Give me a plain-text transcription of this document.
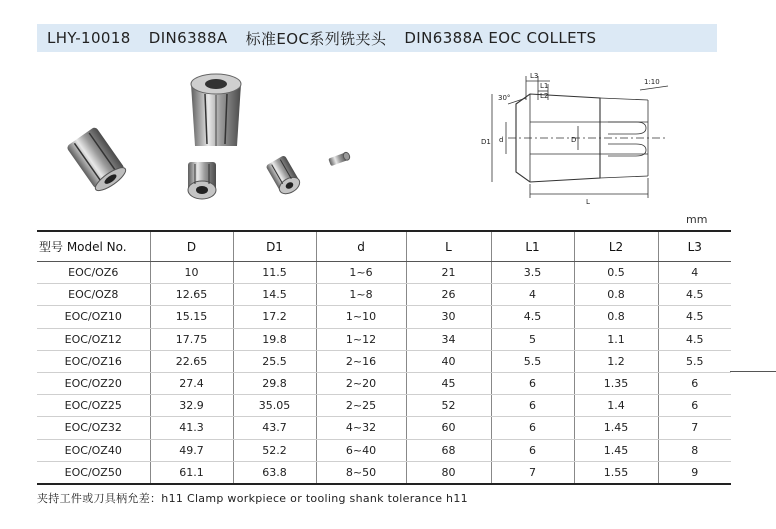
LHY-10018 DIN6388A 标准EOC系列铣夹头 DIN6388A EOC COLLETS
L3
L1
L2
30°
1:10
D1 d	D
L
mm
型号 Model No.	D	D1	d	L	L1	L2	L3
EOC/OZ6	10	11.5	1~6	21	3.5	0.5	4
EOC/OZ8	12.65	14.5	1~8	26	4	0.8	4.5
EOC/OZ10	15.15	17.2	1~10	30	4.5	0.8	4.5
EOC/OZ12	17.75	19.8	1~12	34	5	1.1	4.5
EOC/OZ16	22.65	25.5	2~16	40	5.5	1.2	5.5
EOC/OZ20	27.4	29.8	2~20	45	6	1.35	6
EOC/OZ25	32.9	35.05	2~25	52	6	1.4	6
EOC/OZ32	41.3	43.7	4~32	60	6	1.45	7
EOC/OZ40	49.7	52.2	6~40	68	6	1.45	8
EOC/OZ50	61.1	63.8	8~50	80	7	1.55	9
夹持工件或刀具柄允差：h11 Clamp workpiece or tooling shank tolerance h11
